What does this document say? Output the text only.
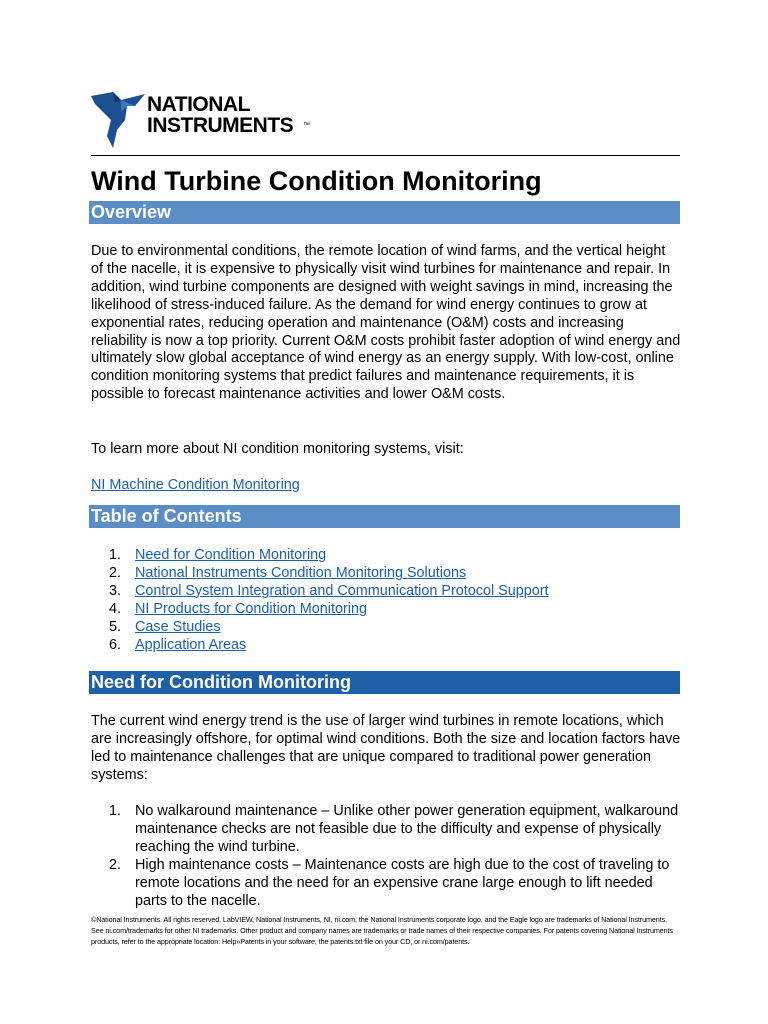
NATIONAL
INSTRUMENTS ™
Wind Turbine Condition Monitoring
Overview
Due to environmental conditions, the remote location of wind farms, and the vertical height of the nacelle, it is expensive to physically visit wind turbines for maintenance and repair. In addition, wind turbine components are designed with weight savings in mind, increasing the likelihood of stress-induced failure. As the demand for wind energy continues to grow at exponential rates, reducing operation and maintenance (O&M) costs and increasing reliability is now a top priority. Current O&M costs prohibit faster adoption of wind energy and ultimately slow global acceptance of wind energy as an energy supply. With low-cost, online condition monitoring systems that predict failures and maintenance requirements, it is possible to forecast maintenance activities and lower O&M costs.
To learn more about NI condition monitoring systems, visit:
NI Machine Condition Monitoring
Table of Contents
1. Need for Condition Monitoring
2. National Instruments Condition Monitoring Solutions
3. Control System Integration and Communication Protocol Support
4. NI Products for Condition Monitoring
5. Case Studies
6. Application Areas
Need for Condition Monitoring
The current wind energy trend is the use of larger wind turbines in remote locations, which are increasingly offshore, for optimal wind conditions. Both the size and location factors have led to maintenance challenges that are unique compared to traditional power generation systems:
1. No walkaround maintenance – Unlike other power generation equipment, walkaround maintenance checks are not feasible due to the difficulty and expense of physically reaching the wind turbine.
2. High maintenance costs – Maintenance costs are high due to the cost of traveling to remote locations and the need for an expensive crane large enough to lift needed parts to the nacelle.
©National Instruments. All rights reserved. LabVIEW, National Instruments, NI, ni.com, the National Instruments corporate logo, and the Eagle logo are trademarks of National Instruments. See ni.com/trademarks for other NI trademarks. Other product and company names are trademarks or trade names of their respective companies. For patents covering National Instruments products, refer to the appropriate location: Help»Patents in your software, the patents.txt file on your CD, or ni.com/patents.
